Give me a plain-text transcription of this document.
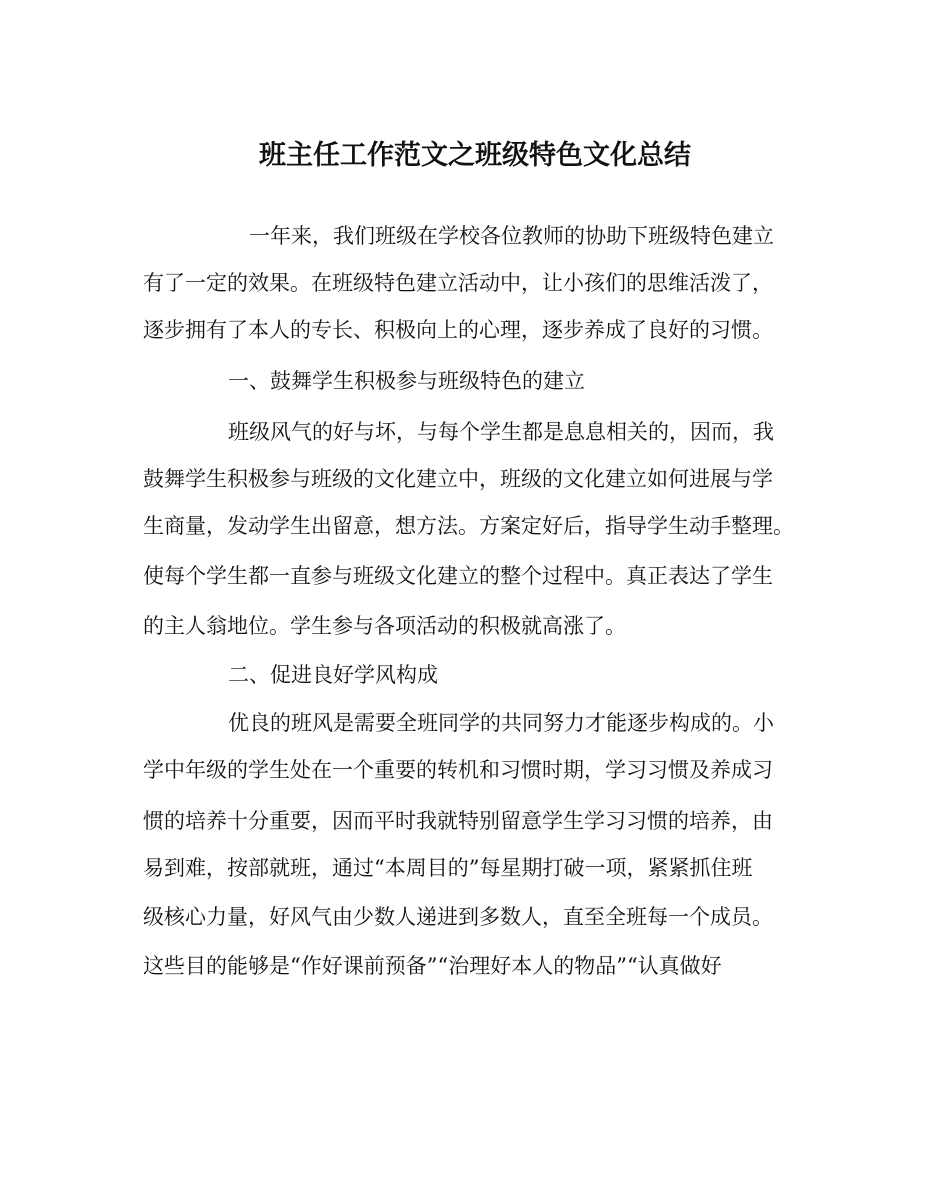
班主任工作范文之班级特色文化总结
一年来，我们班级在学校各位教师的协助下班级特色建立
有了一定的效果。在班级特色建立活动中，让小孩们的思维活泼了，
逐步拥有了本人的专长、积极向上的心理，逐步养成了良好的习惯。
一、鼓舞学生积极参与班级特色的建立
班级风气的好与坏，与每个学生都是息息相关的，因而，我
鼓舞学生积极参与班级的文化建立中，班级的文化建立如何进展与学
生商量，发动学生出留意，想方法。方案定好后，指导学生动手整理。
使每个学生都一直参与班级文化建立的整个过程中。真正表达了学生
的主人翁地位。学生参与各项活动的积极就高涨了。
二、促进良好学风构成
优良的班风是需要全班同学的共同努力才能逐步构成的。小
学中年级的学生处在一个重要的转机和习惯时期，学习习惯及养成习
惯的培养十分重要，因而平时我就特别留意学生学习习惯的培养，由
易到难，按部就班，通过“本周目的”每星期打破一项，紧紧抓住班
级核心力量，好风气由少数人递进到多数人，直至全班每一个成员。
这些目的能够是“作好课前预备”“治理好本人的物品”“认真做好
